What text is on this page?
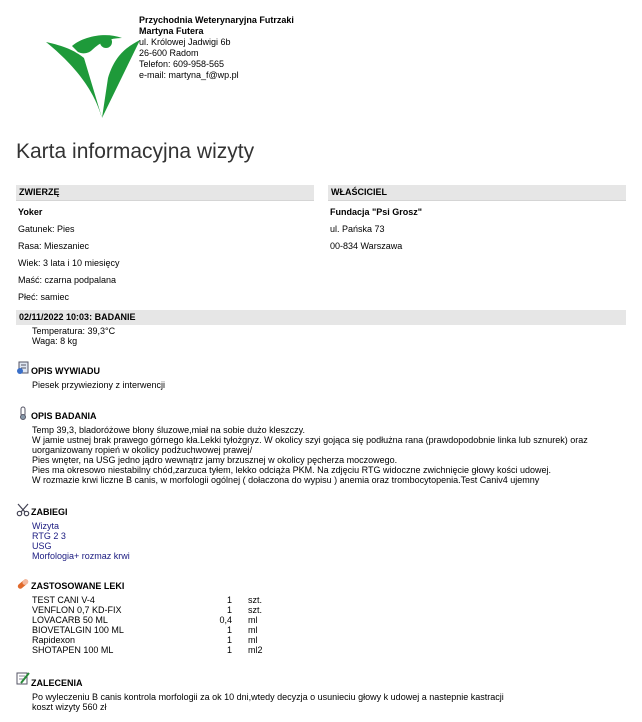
Przychodnia Weterynaryjna Futrzaki
Martyna Futera
ul. Królowej Jadwigi 6b
26-600 Radom
Telefon: 609-958-565
e-mail: martyna_f@wp.pl
Karta informacyjna wizyty
ZWIERZĘ
Yoker
Gatunek: Pies
Rasa: Mieszaniec
Wiek: 3 lata i 10 miesięcy
Maść: czarna podpalana
Płeć: samiec
WŁAŚCICIEL
Fundacja "Psi Grosz"
ul. Pańska 73
00-834 Warszawa
02/11/2022 10:03: BADANIE
Temperatura: 39,3°C
Waga: 8 kg
OPIS WYWIADU
Piesek przywieziony z interwencji
OPIS BADANIA
Temp 39,3, bladoróżowe błony śluzowe,miał na sobie dużo kleszczy.
W jamie ustnej brak prawego górnego kła.Lekki tyłożgryz. W okolicy szyi gojąca się podłużna rana (prawdopodobnie linka lub sznurek) oraz
uorganizowany ropień w okolicy podżuchwowej prawej/
Pies wnęter, na USG jedno jądro wewnątrz jamy brzusznej w okolicy pęcherza moczowego.
Pies ma okresowo niestabilny chód,zarzuca tyłem, lekko odciąża PKM. Na zdjęciu RTG widoczne zwichnięcie głowy kości udowej.
W rozmazie krwi liczne B canis, w morfologii ogólnej ( dołaczona do wypisu ) anemia oraz trombocytopenia.Test Caniv4 ujemny
ZABIEGI
Wizyta
RTG 2 3
USG
Morfologia+ rozmaz krwi
ZASTOSOWANE LEKI
TEST CANI V-4	1	szt.
VENFLON 0,7 KD-FIX	1	szt.
LOVACARB 50 ML	0,4	ml
BIOVETALGIN 100 ML	1	ml
Rapidexon	1	ml
SHOTAPEN 100 ML	1	ml2
ZALECENIA
Po wyleczeniu B canis kontrola morfologii za ok 10 dni,wtedy decyzja o usunieciu głowy k udowej a nastepnie kastracji
koszt wizyty 560 zł
